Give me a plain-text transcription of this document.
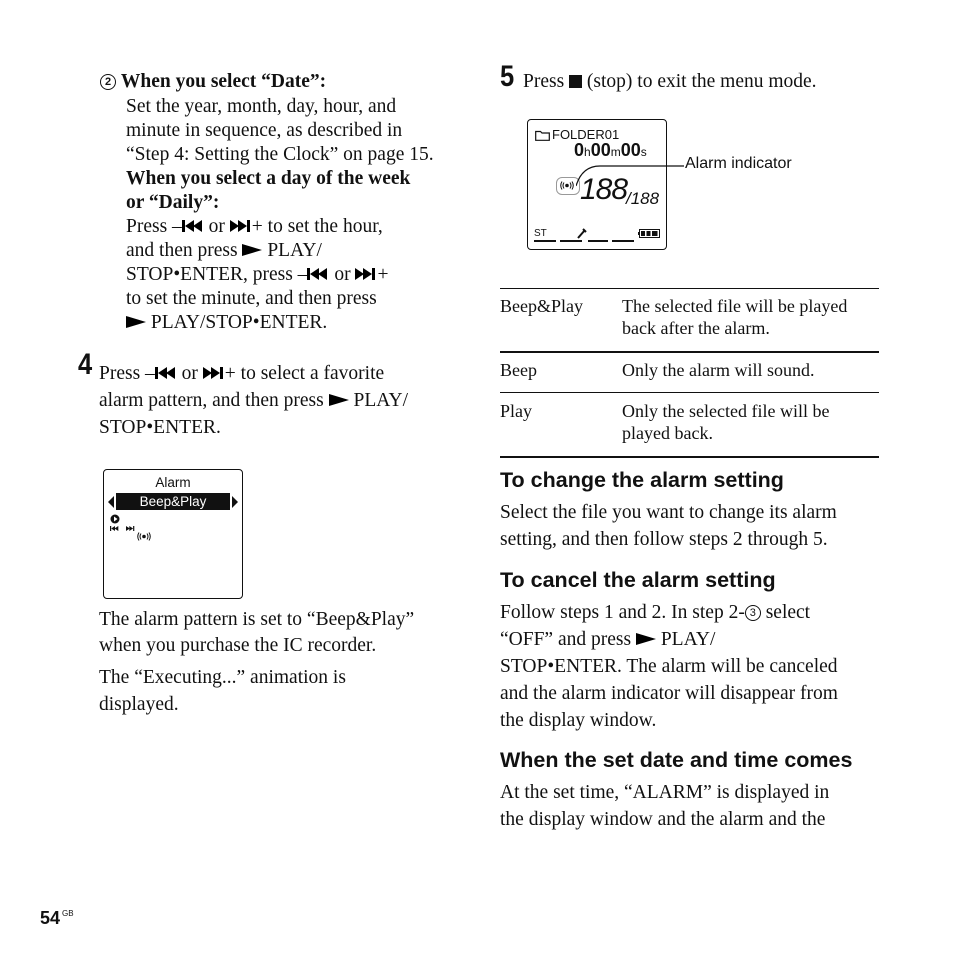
2 When you select “Date”:
Set the year, month, day, hour, and
minute in sequence, as described in
“Step 4: Setting the Clock” on page 15.
When you select a day of the week
or “Daily”:
Press – or + to set the hour,
and then press  PLAY/
STOP•ENTER, press – or +
to set the minute, and then press
PLAY/STOP•ENTER.
4 Press – or + to select a favorite
alarm pattern, and then press  PLAY/
STOP•ENTER.
Alarm
Beep&Play
The alarm pattern is set to “Beep&Play”
when you purchase the IC recorder.
The “Executing...” animation is
displayed.
5 Press  (stop) to exit the menu mode.
FOLDER01
0h00m00s
188
/188
ST
Alarm indicator
Beep&Play The selected file will be played
back after the alarm.
Beep	Only the alarm will sound.
Play	Only the selected file will be
played back.
To change the alarm setting
Select the file you want to change its alarm
setting, and then follow steps 2 through 5.
To cancel the alarm setting
Follow steps 1 and 2. In step 2- 3 select
“OFF” and press  PLAY/
STOP•ENTER. The alarm will be canceled
and the alarm indicator will disappear from
the display window.
When the set date and time comes
At the set time, “ALARM” is displayed in
the display window and the alarm and the
54 $^{GB}$
